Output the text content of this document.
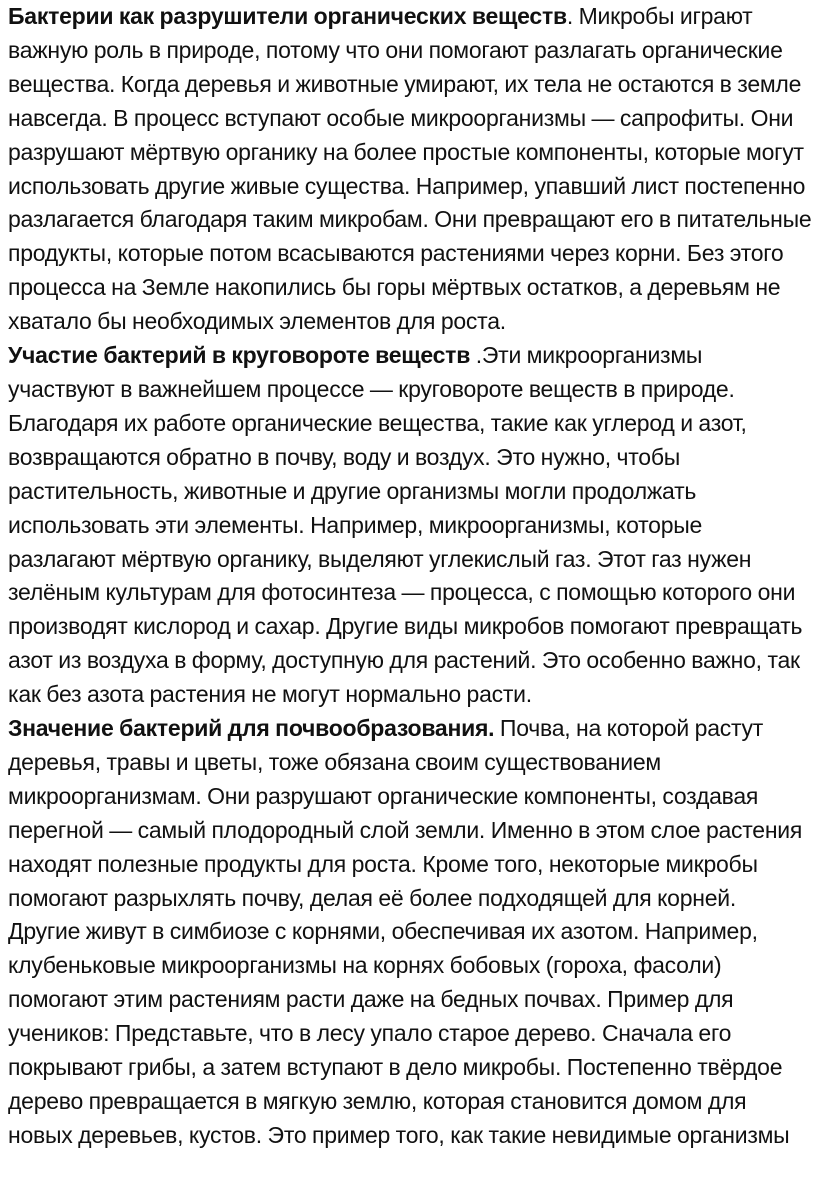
Бактерии как разрушители органических веществ. Микробы играют важную роль в природе, потому что они помогают разлагать органические вещества. Когда деревья и животные умирают, их тела не остаются в земле навсегда. В процесс вступают особые микроорганизмы — сапрофиты. Они разрушают мёртвую органику на более простые компоненты, которые могут использовать другие живые существа. Например, упавший лист постепенно разлагается благодаря таким микробам. Они превращают его в питательные продукты, которые потом всасываются растениями через корни. Без этого процесса на Земле накопились бы горы мёртвых остатков, а деревьям не хватало бы необходимых элементов для роста.

Участие бактерий в круговороте веществ .Эти микроорганизмы участвуют в важнейшем процессе — круговороте веществ в природе. Благодаря их работе органические вещества, такие как углерод и азот, возвращаются обратно в почву, воду и воздух. Это нужно, чтобы растительность, животные и другие организмы могли продолжать использовать эти элементы. Например, микроорганизмы, которые разлагают мёртвую органику, выделяют углекислый газ. Этот газ нужен зелёным культурам для фотосинтеза — процесса, с помощью которого они производят кислород и сахар. Другие виды микробов помогают превращать азот из воздуха в форму, доступную для растений. Это особенно важно, так как без азота растения не могут нормально расти.

Значение бактерий для почвообразования. Почва, на которой растут деревья, травы и цветы, тоже обязана своим существованием микроорганизмам. Они разрушают органические компоненты, создавая перегной — самый плодородный слой земли. Именно в этом слое растения находят полезные продукты для роста. Кроме того, некоторые микробы помогают разрыхлять почву, делая её более подходящей для корней. Другие живут в симбиозе с корнями, обеспечивая их азотом. Например, клубеньковые микроорганизмы на корнях бобовых (гороха, фасоли) помогают этим растениям расти даже на бедных почвах. Пример для учеников: Представьте, что в лесу упало старое дерево. Сначала его покрывают грибы, а затем вступают в дело микробы. Постепенно твёрдое дерево превращается в мягкую землю, которая становится домом для новых деревьев, кустов. Это пример того, как такие невидимые организмы
